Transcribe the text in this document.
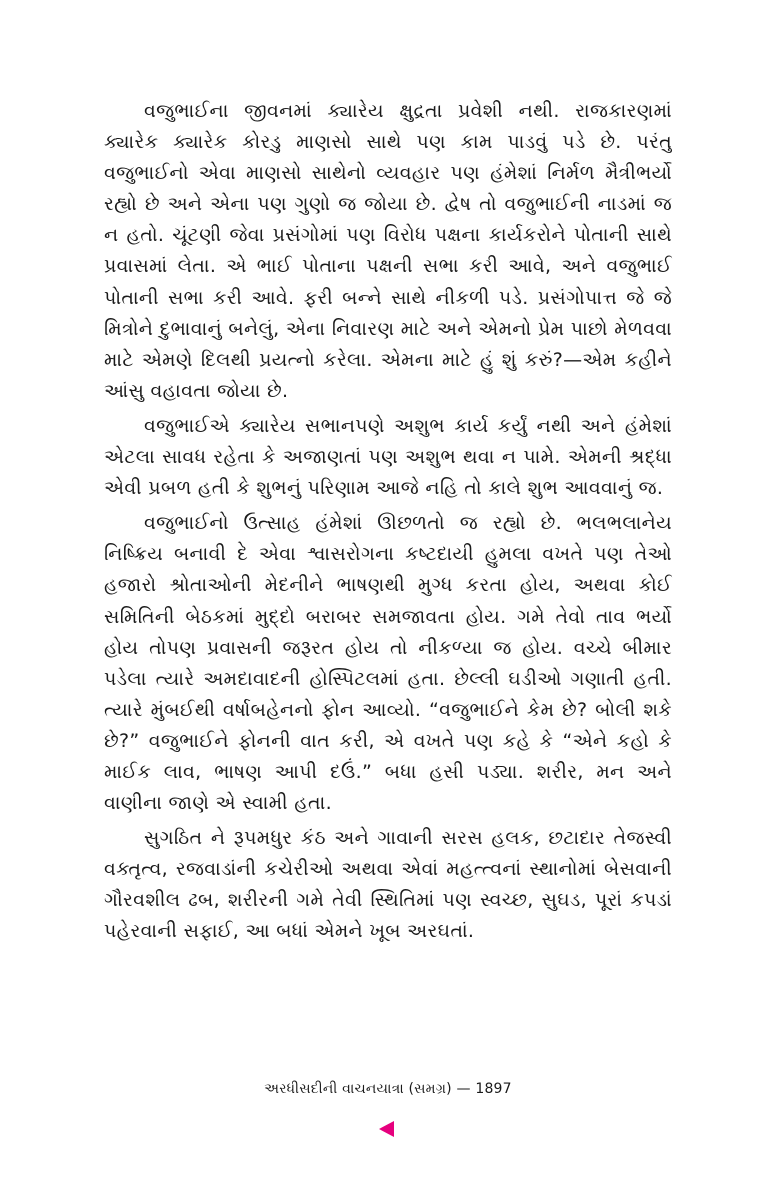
વજુભાઈના જીવનમાં ક્યારેય ક્ષુદ્રતા પ્રવેશી નથી. રાજકારણમાં ક્યારેક ક્યારેક કોરડુ માણસો સાથે પણ કામ પાડવું પડે છે. પરંતુ વજુભાઈનો એવા માણસો સાથેનો વ્યવહાર પણ હંમેશાં નિર્મળ મૈત્રીભર્યો રહ્યો છે અને એના પણ ગુણો જ જોયા છે. દ્વેષ તો વજુભાઈની નાડમાં જ ન હતો. ચૂંટણી જેવા પ્રસંગોમાં પણ વિરોધ પક્ષના કાર્યકરોને પોતાની સાથે પ્રવાસમાં લેતા. એ ભાઈ પોતાના પક્ષની સભા કરી આવે, અને વજુભાઈ પોતાની સભા કરી આવે. ફરી બન્ને સાથે નીકળી પડે. પ્રસંગોપાત્ત જે જે મિત્રોને દુભાવાનું બનેલું, એના નિવારણ માટે અને એમનો પ્રેમ પાછો મેળવવા માટે એમણે દિલથી પ્રયત્નો કરેલા. એમના માટે હું શું કરું?—એમ કહીને આંસુ વહાવતા જોયા છે.

વજુભાઈએ ક્યારેય સભાનપણે અશુભ કાર્ય કર્યું નથી અને હંમેશાં એટલા સાવધ રહેતા કે અજાણતાં પણ અશુભ થવા ન પામે. એમની શ્રદ્ધા એવી પ્રબળ હતી કે શુભનું પરિણામ આજે નહિ તો કાલે શુભ આવવાનું જ.

વજુભાઈનો ઉત્સાહ હંમેશાં ઊછળતો જ રહ્યો છે. ભલભલાનેય નિષ્ક્રિય બનાવી દે એવા શ્વાસરોગના કષ્ટદાયી હુમલા વખતે પણ તેઓ હજારો શ્રોતાઓની મેદનીને ભાષણથી મુગ્ધ કરતા હોય, અથવા કોઈ સમિતિની બેઠકમાં મુદ્દો બરાબર સમજાવતા હોય. ગમે તેવો તાવ ભર્યો હોય તોપણ પ્રવાસની જરૂરત હોય તો નીકળ્યા જ હોય. વચ્ચે બીમાર પડેલા ત્યારે અમદાવાદની હોસ્પિટલમાં હતા. છેલ્લી ઘડીઓ ગણાતી હતી. ત્યારે મુંબઈથી વર્ષાબહેનનો ફોન આવ્યો. “વજુભાઈને કેમ છે? બોલી શકે છે?” વજુભાઈને ફોનની વાત કરી, એ વખતે પણ કહે કે “એને કહો કે માઈક લાવ, ભાષણ આપી દઉં.” બધા હસી પડ્યા. શરીર, મન અને વાણીના જાણે એ સ્વામી હતા.

સુગઠિત ને રૂપમધુર કંઠ અને ગાવાની સરસ હલક, છટાદાર તેજસ્વી વક્તૃત્વ, રજવાડાંની કચેરીઓ અથવા એવાં મહત્ત્વનાં સ્થાનોમાં બેસવાની ગૌરવશીલ ઢબ, શરીરની ગમે તેવી સ્થિતિમાં પણ સ્વચ્છ, સુઘડ, પૂરાં કપડાં પહેરવાની સફાઈ, આ બધાં એમને ખૂબ અરઘતાં.

અરધીસદીની વાચનયાત્રા (સમગ્ર) — 1897
